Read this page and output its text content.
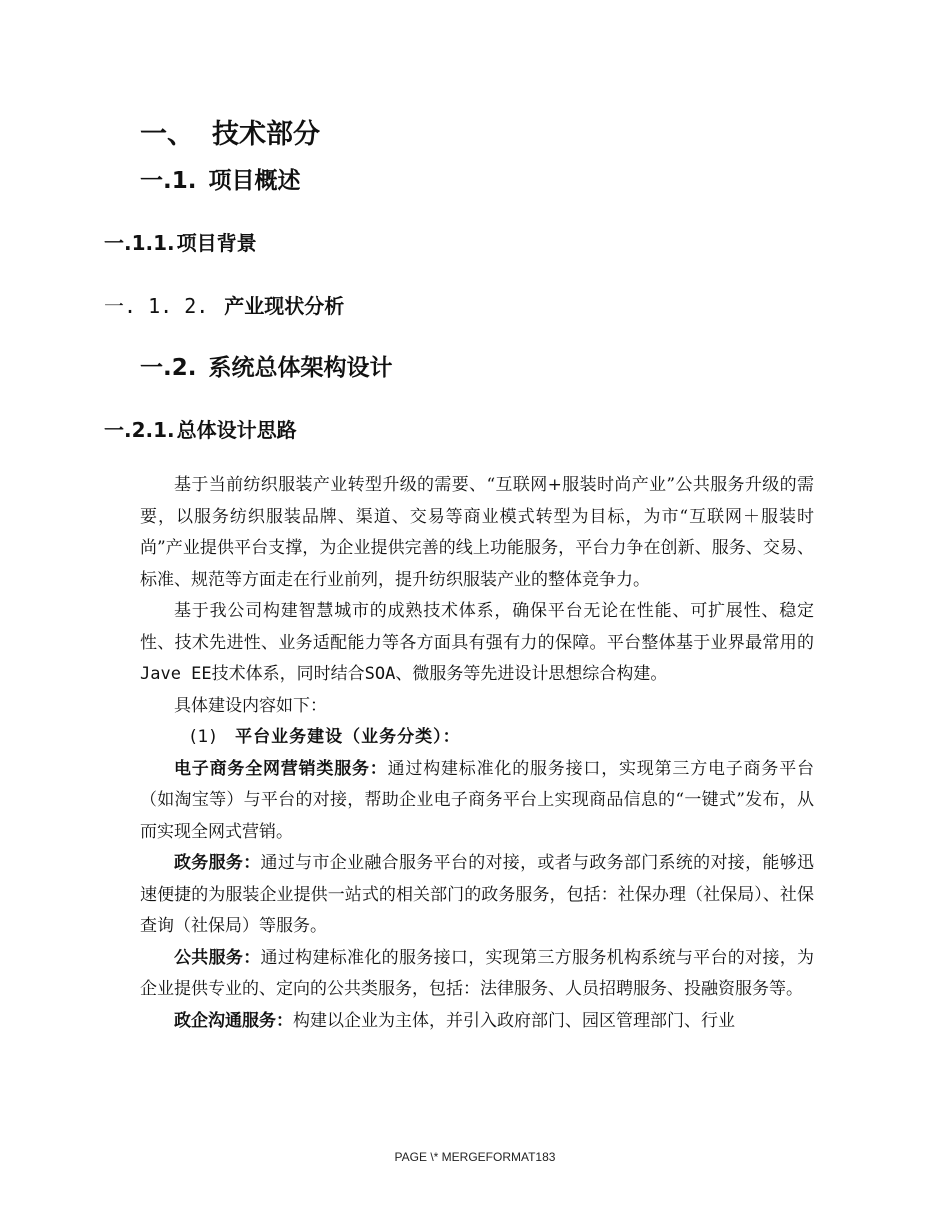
一、 技术部分
一.1. 项目概述
一.1.1. 项目背景
一. 1. 2. 产业现状分析
一.2. 系统总体架构设计
一.2.1. 总体设计思路

基于当前纺织服装产业转型升级的需要、“互联网+服装时尚产业”公共服务升级的需要，以服务纺织服装品牌、渠道、交易等商业模式转型为目标，为市“互联网＋服装时尚”产业提供平台支撑，为企业提供完善的线上功能服务，平台力争在创新、服务、交易、标准、规范等方面走在行业前列，提升纺织服装产业的整体竞争力。

基于我公司构建智慧城市的成熟技术体系，确保平台无论在性能、可扩展性、稳定性、技术先进性、业务适配能力等各方面具有强有力的保障。平台整体基于业界最常用的Jave EE技术体系，同时结合SOA、微服务等先进设计思想综合构建。

具体建设内容如下：

(1) 平台业务建设（业务分类）：

电子商务全网营销类服务：通过构建标准化的服务接口，实现第三方电子商务平台（如淘宝等）与平台的对接，帮助企业电子商务平台上实现商品信息的“一键式”发布，从而实现全网式营销。

政务服务：通过与市企业融合服务平台的对接，或者与政务部门系统的对接，能够迅速便捷的为服装企业提供一站式的相关部门的政务服务，包括：社保办理（社保局）、社保查询（社保局）等服务。

公共服务：通过构建标准化的服务接口，实现第三方服务机构系统与平台的对接，为企业提供专业的、定向的公共类服务，包括：法律服务、人员招聘服务、投融资服务等。

政企沟通服务：构建以企业为主体，并引入政府部门、园区管理部门、行业

PAGE \* MERGEFORMAT183
